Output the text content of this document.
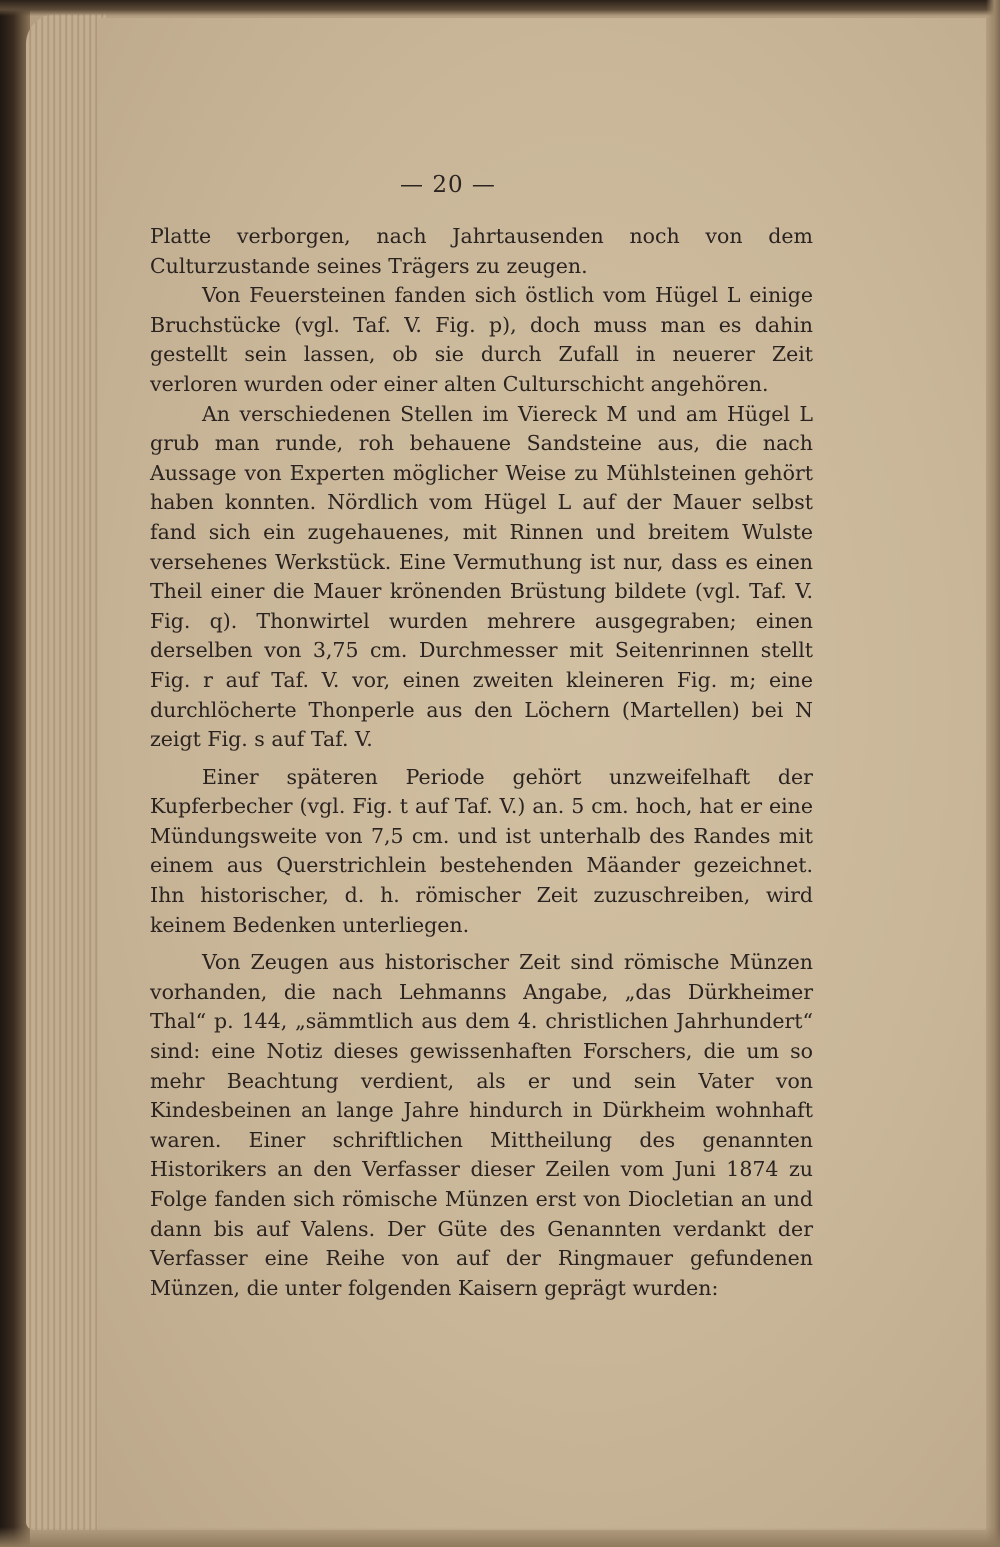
— 20 —

Platte verborgen, nach Jahrtausenden noch von dem Culturzustande seines Trägers zu zeugen.

Von Feuersteinen fanden sich östlich vom Hügel L einige Bruchstücke (vgl. Taf. V. Fig. p), doch muss man es dahin gestellt sein lassen, ob sie durch Zufall in neuerer Zeit verloren wurden oder einer alten Culturschicht angehören.

An verschiedenen Stellen im Viereck M und am Hügel L grub man runde, roh behauene Sandsteine aus, die nach Aussage von Experten möglicher Weise zu Mühlsteinen gehört haben konnten. Nördlich vom Hügel L auf der Mauer selbst fand sich ein zugehauenes, mit Rinnen und breitem Wulste versehenes Werkstück. Eine Vermuthung ist nur, dass es einen Theil einer die Mauer krönenden Brüstung bildete (vgl. Taf. V. Fig. q). Thonwirtel wurden mehrere ausgegraben; einen derselben von 3,75 cm. Durchmesser mit Seitenrinnen stellt Fig. r auf Taf. V. vor, einen zweiten kleineren Fig. m; eine durchlöcherte Thonperle aus den Löchern (Martellen) bei N zeigt Fig. s auf Taf. V.

Einer späteren Periode gehört unzweifelhaft der Kupferbecher (vgl. Fig. t auf Taf. V.) an. 5 cm. hoch, hat er eine Mündungsweite von 7,5 cm. und ist unterhalb des Randes mit einem aus Querstrichlein bestehenden Mäander gezeichnet. Ihn historischer, d. h. römischer Zeit zuzuschreiben, wird keinem Bedenken unterliegen.

Von Zeugen aus historischer Zeit sind römische Münzen vorhanden, die nach Lehmanns Angabe, „das Dürkheimer Thal“ p. 144, „sämmtlich aus dem 4. christlichen Jahrhundert“ sind: eine Notiz dieses gewissenhaften Forschers, die um so mehr Beachtung verdient, als er und sein Vater von Kindesbeinen an lange Jahre hindurch in Dürkheim wohnhaft waren. Einer schriftlichen Mittheilung des genannten Historikers an den Verfasser dieser Zeilen vom Juni 1874 zu Folge fanden sich römische Münzen erst von Diocletian an und dann bis auf Valens. Der Güte des Genannten verdankt der Verfasser eine Reihe von auf der Ringmauer gefundenen Münzen, die unter folgenden Kaisern geprägt wurden:
